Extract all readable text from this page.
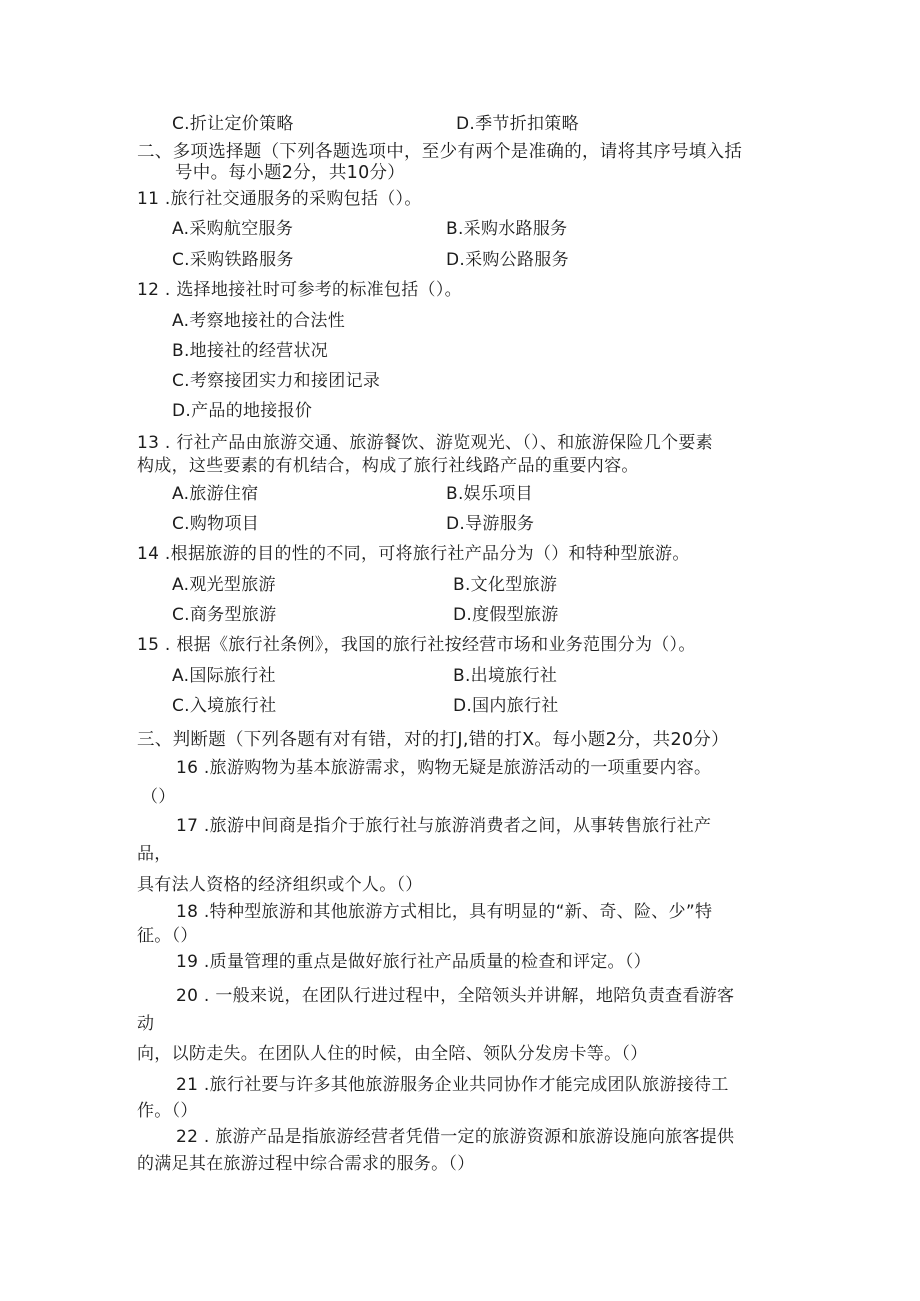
C.折让定价策略	D.季节折扣策略
二、多项选择题（下列各题选项中，至少有两个是准确的，请将其序号填入括
号中。每小题2分，共10分）
11 .旅行社交通服务的采购包括（）。
A.采购航空服务	B.采购水路服务
C.采购铁路服务	D.采购公路服务
12 . 选择地接社时可参考的标准包括（）。
A.考察地接社的合法性
B.地接社的经营状况
C.考察接团实力和接团记录
D.产品的地接报价
13 . 行社产品由旅游交通、旅游餐饮、游览观光、（）、和旅游保险几个要素
构成，这些要素的有机结合，构成了旅行社线路产品的重要内容。
A.旅游住宿	B.娱乐项目
C.购物项目	D.导游服务
14 .根据旅游的目的性的不同，可将旅行社产品分为（）和特种型旅游。
A.观光型旅游	B.文化型旅游
C.商务型旅游	D.度假型旅游
15 . 根据《旅行社条例》，我国的旅行社按经营市场和业务范围分为（）。
A.国际旅行社	B.出境旅行社
C.入境旅行社	D.国内旅行社
三、判断题（下列各题有对有错，对的打J,错的打X。每小题2分，共20分）
16 .旅游购物为基本旅游需求，购物无疑是旅游活动的一项重要内容。
（）
17 .旅游中间商是指介于旅行社与旅游消费者之间，从事转售旅行社产
品，
具有法人资格的经济组织或个人。（）
18 .特种型旅游和其他旅游方式相比，具有明显的“新、奇、险、少”特
征。（）
19 .质量管理的重点是做好旅行社产品质量的检查和评定。（）
20 . 一般来说，在团队行进过程中，全陪领头并讲解，地陪负责查看游客
动
向，以防走失。在团队人住的时候，由全陪、领队分发房卡等。（）
21 .旅行社要与许多其他旅游服务企业共同协作才能完成团队旅游接待工
作。（）
22 . 旅游产品是指旅游经营者凭借一定的旅游资源和旅游设施向旅客提供
的满足其在旅游过程中综合需求的服务。（）
